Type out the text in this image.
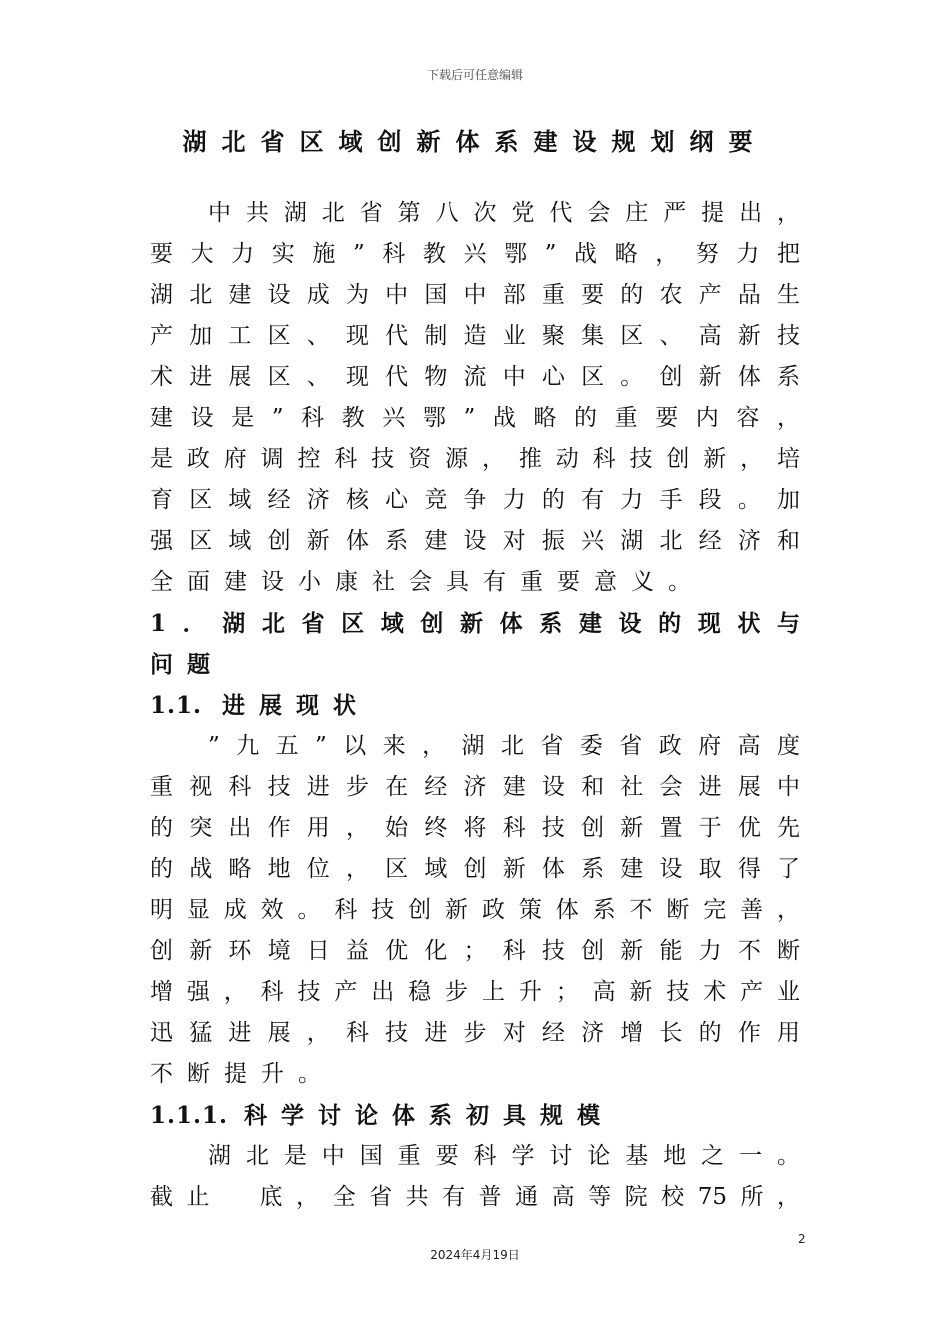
下载后可任意编辑
湖北省区域创新体系建设规划纲要
中共湖北省第八次党代会庄严提出，
要大力实施”科教兴鄂”战略，努力把
湖北建设成为中国中部重要的农产品生
产加工区、现代制造业聚集区、高新技
术进展区、现代物流中心区。创新体系
建设是”科教兴鄂”战略的重要内容，
是政府调控科技资源，推动科技创新，培
育区域经济核心竞争力的有力手段。加
强区域创新体系建设对振兴湖北经济和
全面建设小康社会具有重要意义。
1．湖北省区域创新体系建设的现状与
问题
1.1. 进展现状
”九五”以来，湖北省委省政府高度
重视科技进步在经济建设和社会进展中
的突出作用，始终将科技创新置于优先
的战略地位，区域创新体系建设取得了
明显成效。科技创新政策体系不断完善，
创新环境日益优化；科技创新能力不断
增强，科技产出稳步上升；高新技术产业
迅猛进展，科技进步对经济增长的作用
不断提升。
1.1.1. 科学讨论体系初具规模
湖北是中国重要科学讨论基地之一。
截止　底，全省共有普通高等院校75所，
2
2024年4月19日
